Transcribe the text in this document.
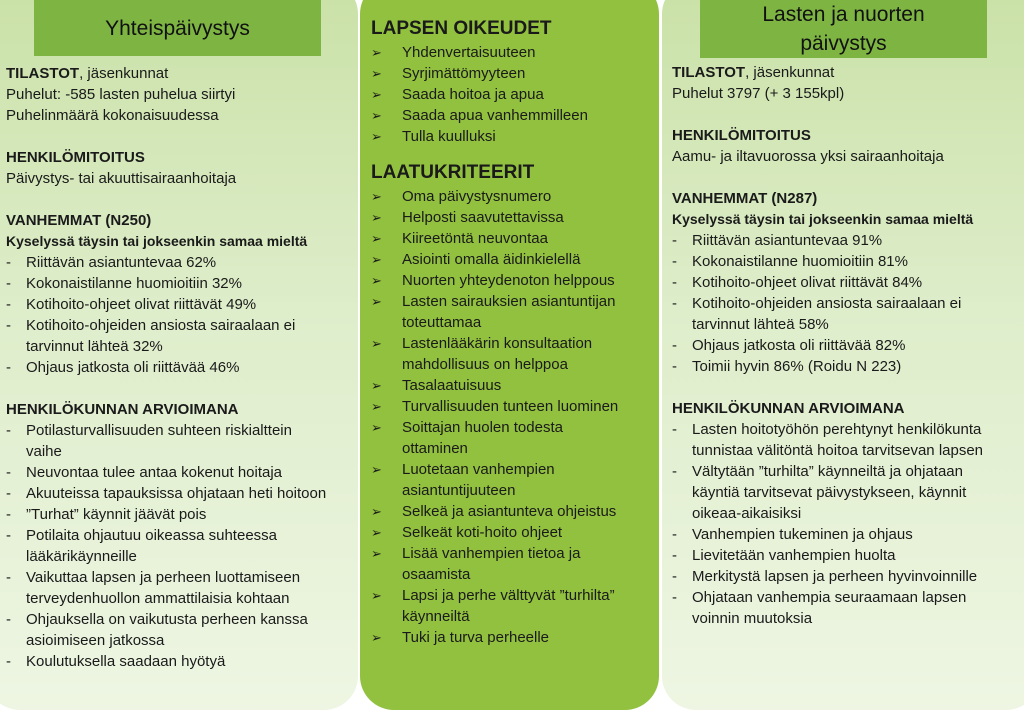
Yhteispäivystys
Lasten ja nuorten päivystys

TILASTOT, jäsenkunnat

Puhelut: -585 lasten puhelua siirtyi

Puhelinmäärä kokonaisuudessa

HENKILÖMITOITUS

Päivystys- tai akuuttisairaanhoitaja

VANHEMMAT (N250)

Kyselyssä täysin tai jokseenkin samaa mieltä

- Riittävän asiantuntevaa 62%
- Kokonaistilanne huomioitiin 32%
- Kotihoito-ohjeet olivat riittävät 49%
- Kotihoito-ohjeiden ansiosta sairaalaan ei tarvinnut lähteä 32%
- Ohjaus jatkosta oli riittävää 46%

HENKILÖKUNNAN ARVIOIMANA

- Potilasturvallisuuden suhteen riskialttein vaihe
- Neuvontaa tulee antaa kokenut hoitaja
- Akuuteissa tapauksissa ohjataan heti hoitoon
- ”Turhat” käynnit jäävät pois
- Potilaita ohjautuu oikeassa suhteessa lääkärikäynneille
- Vaikuttaa lapsen ja perheen luottamiseen terveydenhuollon ammattilaisia kohtaan
- Ohjauksella on vaikutusta perheen kanssa asioimiseen jatkossa
- Koulutuksella saadaan hyötyä

LAPSEN OIKEUDET

➢ Yhdenvertaisuuteen
➢ Syrjimättömyyteen
➢ Saada hoitoa ja apua
➢ Saada apua vanhemmilleen
➢ Tulla kuulluksi

LAATUKRITEERIT

➢ Oma päivystysnumero
➢ Helposti saavutettavissa
➢ Kiireetöntä neuvontaa
➢ Asiointi omalla äidinkielellä
➢ Nuorten yhteydenoton helppous
➢ Lasten sairauksien asiantuntijan toteuttamaa
➢ Lastenlääkärin konsultaation mahdollisuus on helppoa
➢ Tasalaatuisuus
➢ Turvallisuuden tunteen luominen
➢ Soittajan huolen todesta ottaminen
➢ Luotetaan vanhempien asiantuntijuuteen
➢ Selkeä ja asiantunteva ohjeistus
➢ Selkeät koti-hoito ohjeet
➢ Lisää vanhempien tietoa ja osaamista
➢ Lapsi ja perhe välttyvät ”turhilta” käynneiltä
➢ Tuki ja turva perheelle

TILASTOT, jäsenkunnat

Puhelut 3797 (+ 3 155kpl)

HENKILÖMITOITUS

Aamu- ja iltavuorossa yksi sairaanhoitaja

VANHEMMAT (N287)

Kyselyssä täysin tai jokseenkin samaa mieltä

- Riittävän asiantuntevaa 91%
- Kokonaistilanne huomioitiin 81%
- Kotihoito-ohjeet olivat riittävät 84%
- Kotihoito-ohjeiden ansiosta sairaalaan ei tarvinnut lähteä 58%
- Ohjaus jatkosta oli riittävää 82%
- Toimii hyvin 86% (Roidu N 223)

HENKILÖKUNNAN ARVIOIMANA

- Lasten hoitotyöhön perehtynyt henkilökunta tunnistaa välitöntä hoitoa tarvitsevan lapsen
- Vältytään ”turhilta” käynneiltä ja ohjataan käyntiä tarvitsevat päivystykseen, käynnit oikeaa-aikaisiksi
- Vanhempien tukeminen ja ohjaus
- Lievitetään vanhempien huolta
- Merkitystä lapsen ja perheen hyvinvoinnille
- Ohjataan vanhempia seuraamaan lapsen voinnin muutoksia
